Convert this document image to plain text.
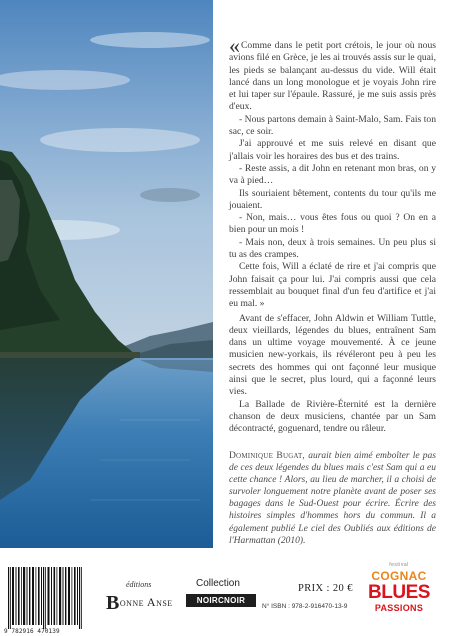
«Comme dans le petit port crétois, le jour où nous avions filé en Grèce, je les ai trouvés assis sur le quai, les pieds se balançant au-dessus du vide. Will était lancé dans un long monologue et je voyais John rire et lui taper sur l'épaule. Rassuré, je me suis assis près d'eux.

- Nous partons demain à Saint-Malo, Sam. Fais ton sac, ce soir.

J'ai approuvé et me suis relevé en disant que j'allais voir les horaires des bus et des trains.

- Reste assis, a dit John en retenant mon bras, on y va à pied…

Ils souriaient bêtement, contents du tour qu'ils me jouaient.

- Non, mais… vous êtes fous ou quoi ? On en a bien pour un mois !

- Mais non, deux à trois semaines. Un peu plus si tu as des crampes.

Cette fois, Will a éclaté de rire et j'ai compris que John faisait ça pour lui. J'ai compris aussi que cela ressemblait au bouquet final d'un feu d'artifice et j'ai eu mal. »

Avant de s'effacer, John Aldwin et William Tuttle, deux vieillards, légendes du blues, entraînent Sam dans un ultime voyage mouvementé. À ce jeune musicien new-yorkais, ils révéleront peu à peu les secrets des hommes qui ont façonné leur musique ainsi que le secret, plus lourd, qui a façonné leurs vies.

La Ballade de Rivière-Éternité est la dernière chanson de deux musiciens, chantée par un Sam décontracté, goguenard, tendre ou râleur.

Dominique Bugat, aurait bien aimé emboîter le pas de ces deux légendes du blues mais c'est Sam qui a eu cette chance ! Alors, au lieu de marcher, il a choisi de survoler longuement notre planète avant de poser ses bagages dans le Sud-Ouest pour écrire. Écrire des histoires simples d'hommes hors du commun. Il a également publié Le ciel des Oubliés aux éditions de l'Harmattan (2010).
9 782916 470139
éditions
Bonne Anse
Collection
NOIRCNOIR
PRIX : 20 €
N° ISBN : 978-2-916470-13-9
festival
COGNAC
BLUES
PASSIONS
